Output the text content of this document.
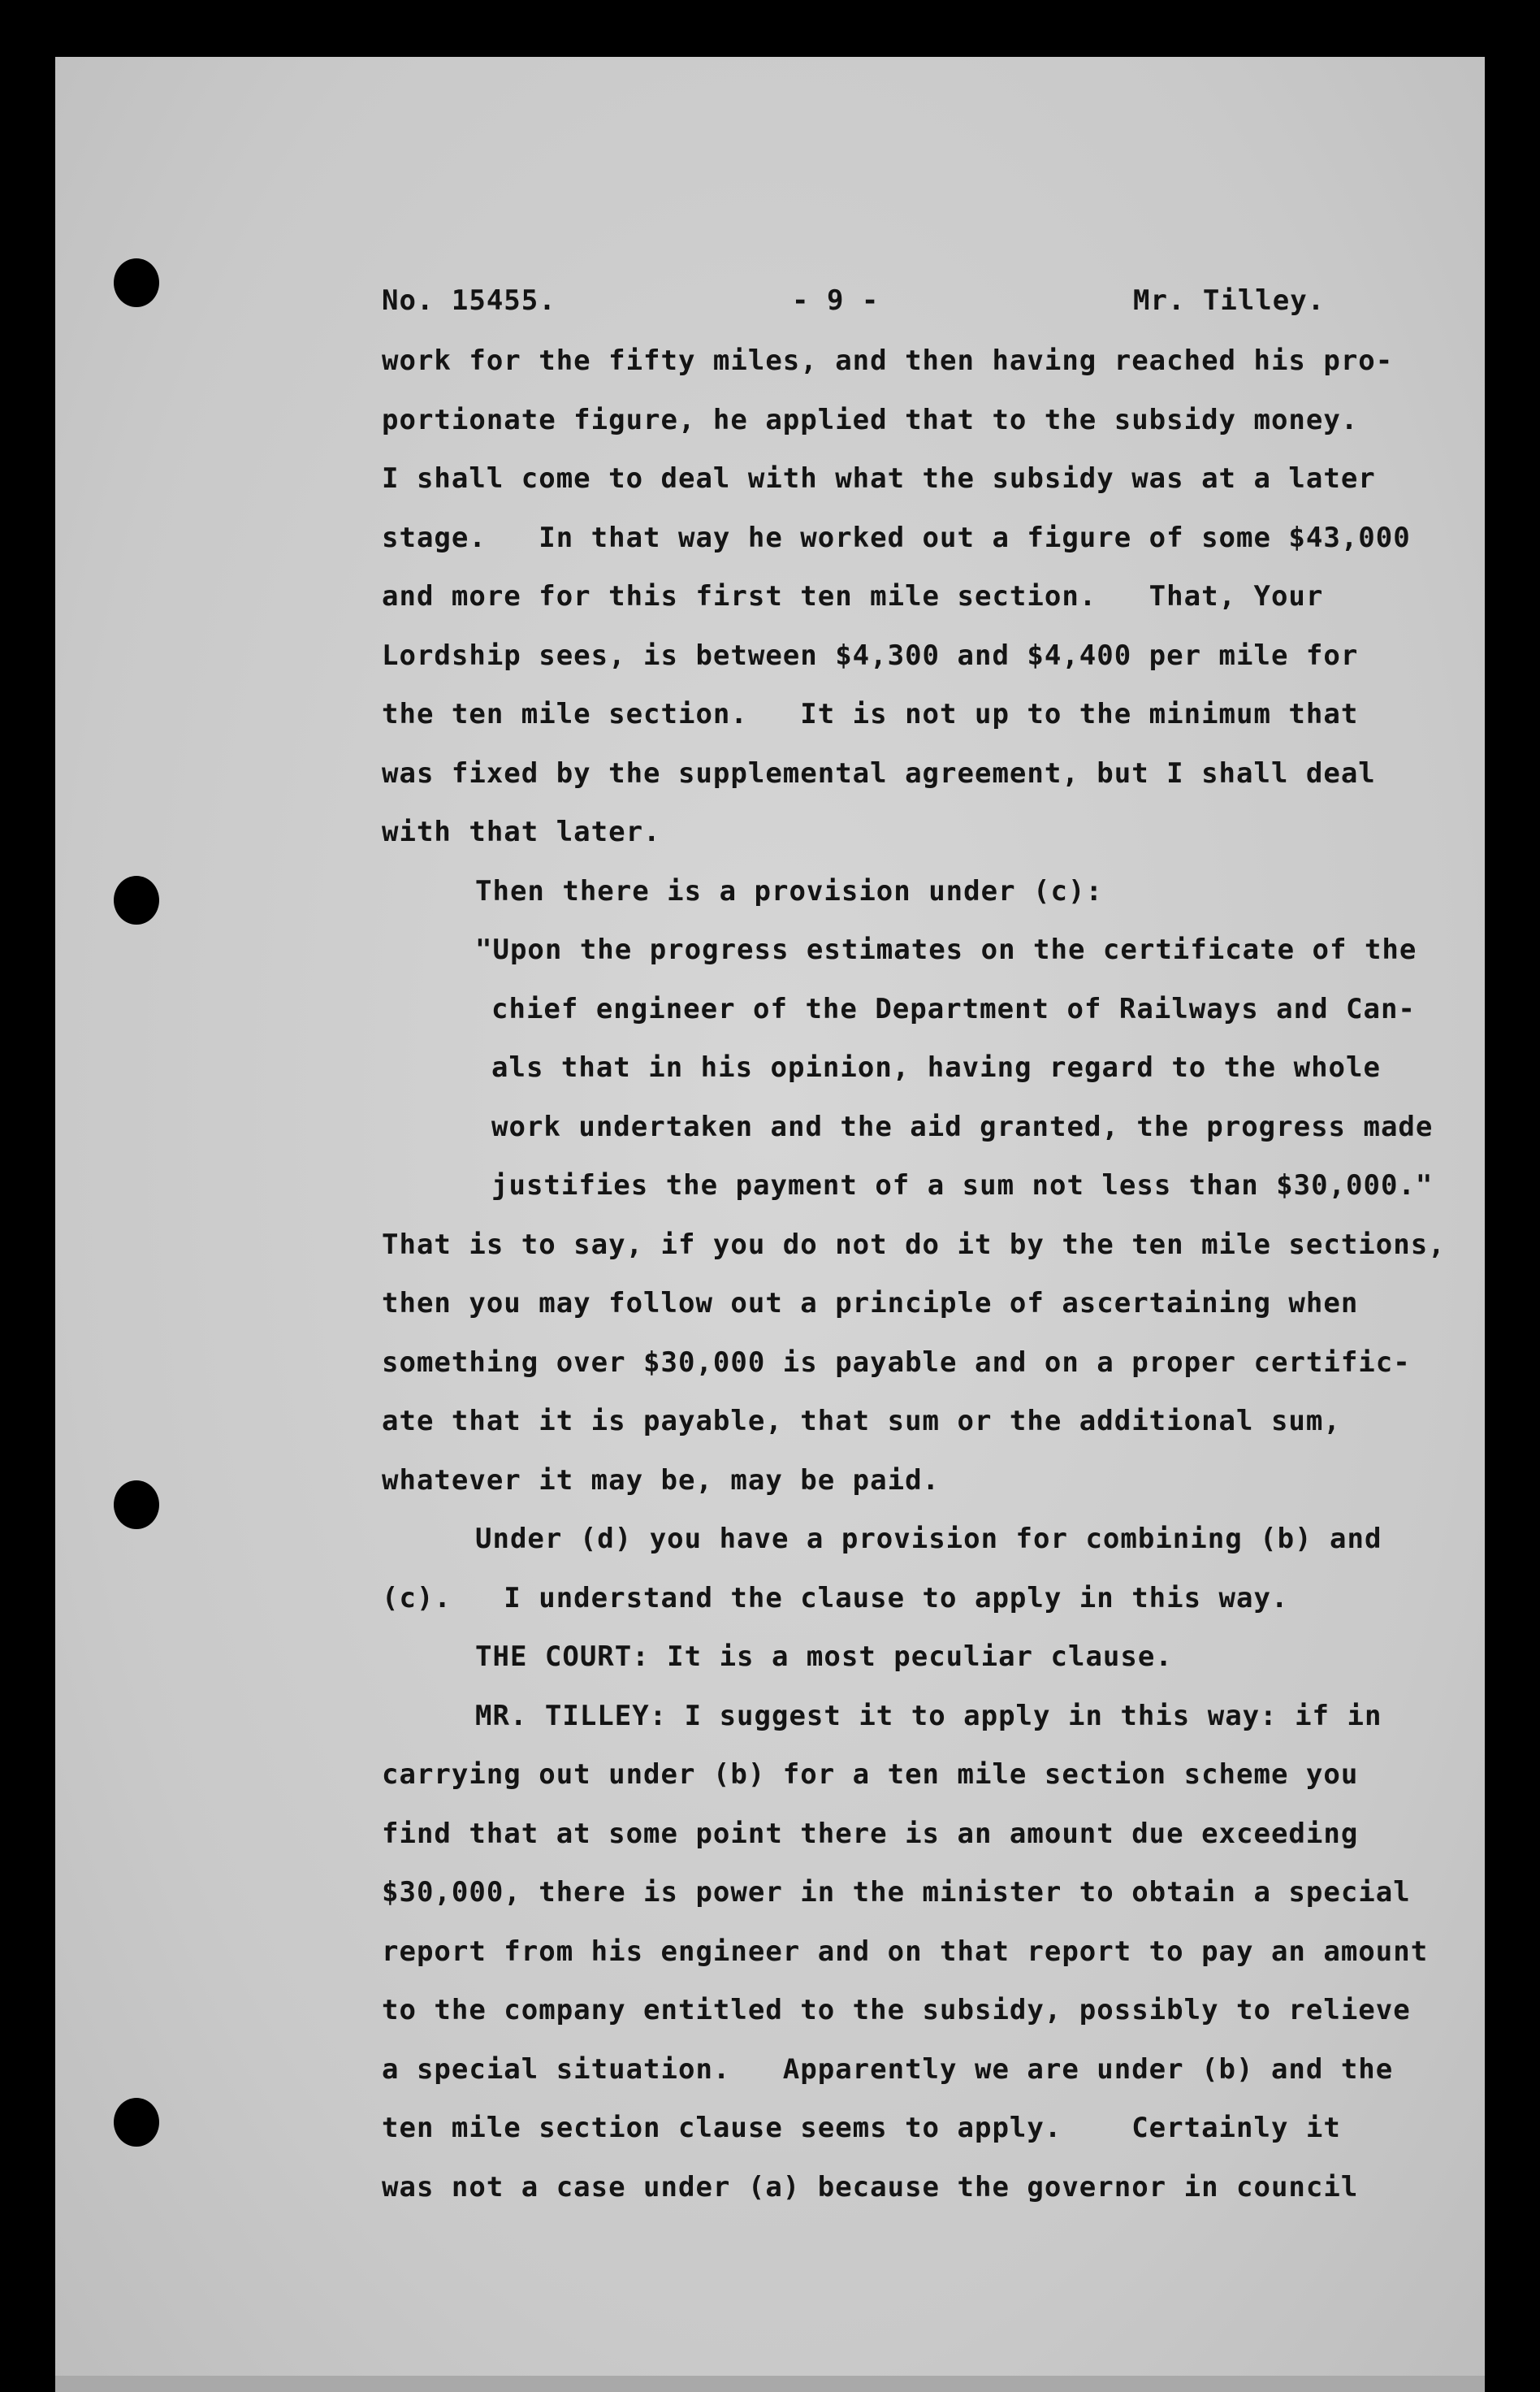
No. 15455.	- 9 -	Mr. Tilley.
work for the fifty miles, and then having reached his pro-
portionate figure, he applied that to the subsidy money.
I shall come to deal with what the subsidy was at a later
stage.   In that way he worked out a figure of some $43,000
and more for this first ten mile section.   That, Your
Lordship sees, is between $4,300 and $4,400 per mile for
the ten mile section.   It is not up to the minimum that
was fixed by the supplemental agreement, but I shall deal
with that later.
Then there is a provision under (c):
"Upon the progress estimates on the certificate of the
chief engineer of the Department of Railways and Can-
als that in his opinion, having regard to the whole
work undertaken and the aid granted, the progress made
justifies the payment of a sum not less than $30,000."
That is to say, if you do not do it by the ten mile sections,
then you may follow out a principle of ascertaining when
something over $30,000 is payable and on a proper certific-
ate that it is payable, that sum or the additional sum,
whatever it may be, may be paid.
Under (d) you have a provision for combining (b) and
(c).   I understand the clause to apply in this way.
THE COURT: It is a most peculiar clause.
MR. TILLEY: I suggest it to apply in this way: if in
carrying out under (b) for a ten mile section scheme you
find that at some point there is an amount due exceeding
$30,000, there is power in the minister to obtain a special
report from his engineer and on that report to pay an amount
to the company entitled to the subsidy, possibly to relieve
a special situation.   Apparently we are under (b) and the
ten mile section clause seems to apply.    Certainly it
was not a case under (a) because the governor in council
